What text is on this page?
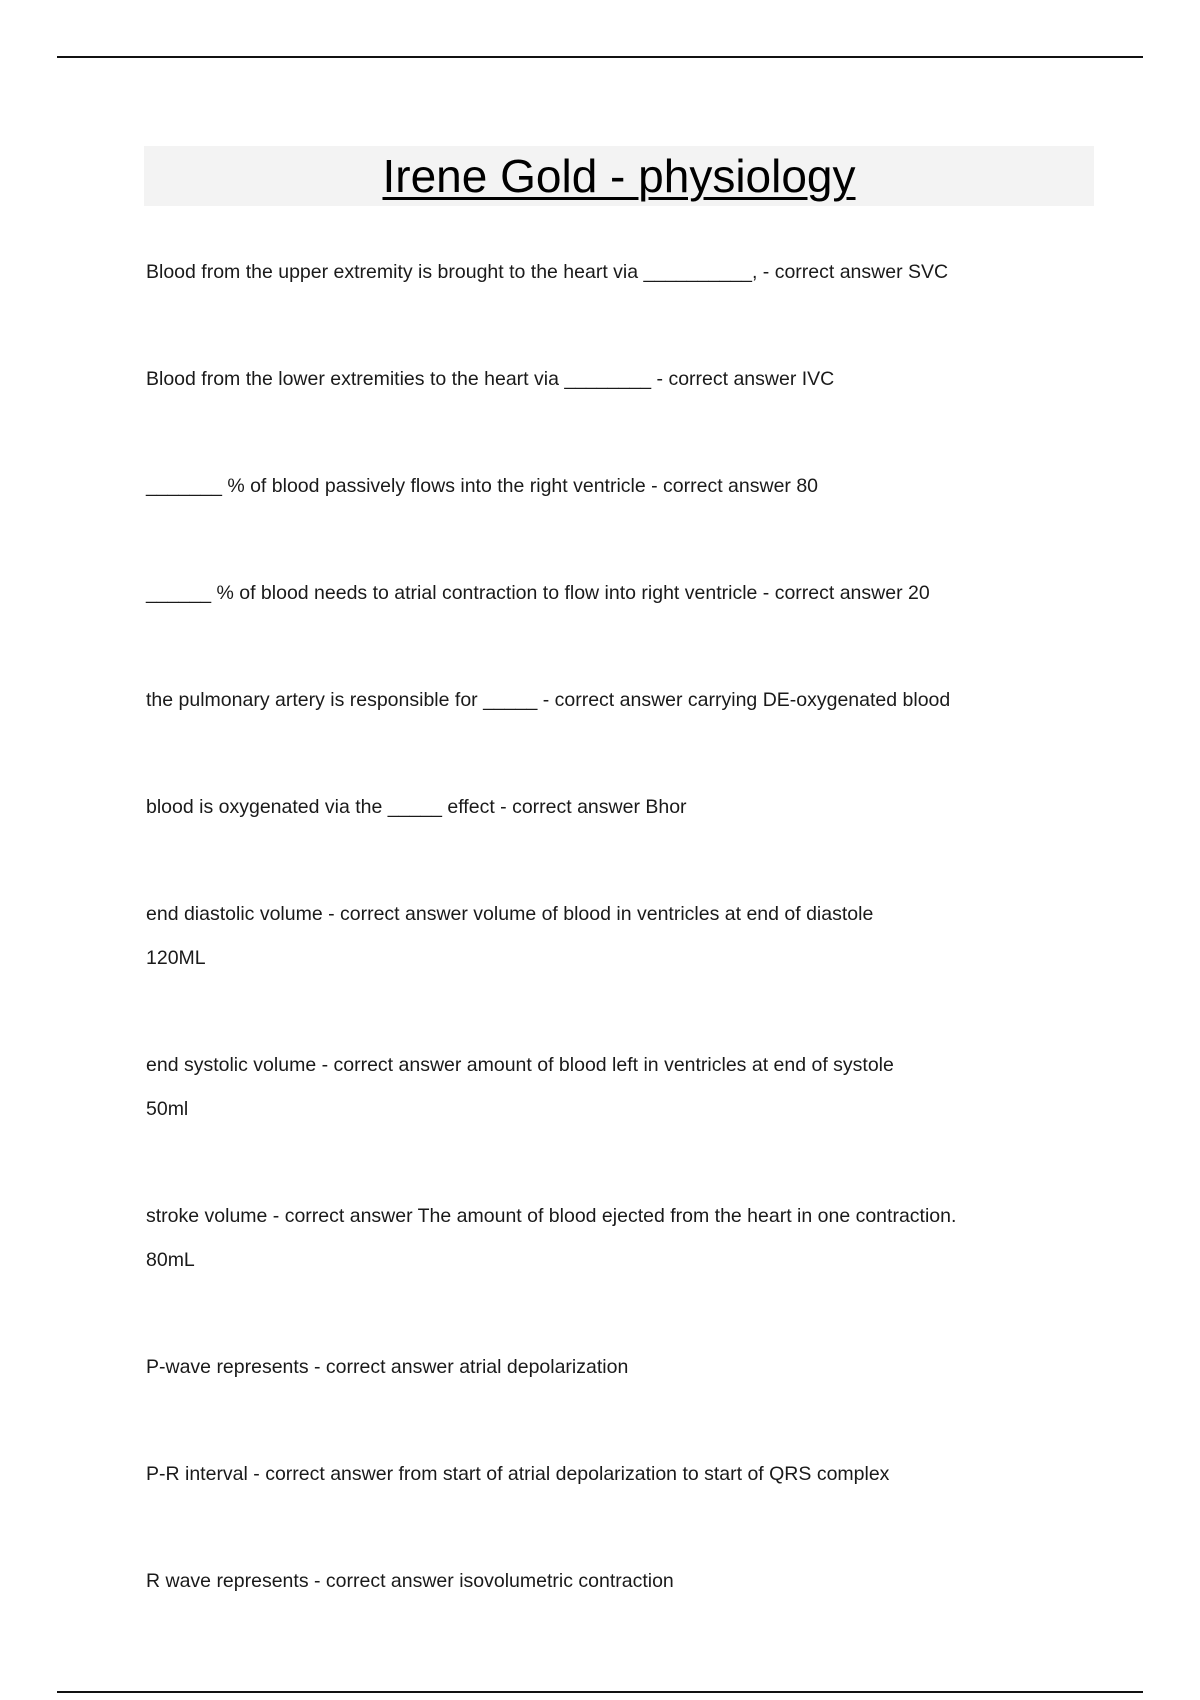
Irene Gold - physiology
Blood from the upper extremity is brought to the heart via __________, - correct answer SVC
Blood from the lower extremities to the heart via ________ - correct answer IVC
_______ % of blood passively flows into the right ventricle - correct answer 80
______ % of blood needs to atrial contraction to flow into right ventricle - correct answer 20
the pulmonary artery is responsible for _____ - correct answer carrying DE-oxygenated blood
blood is oxygenated via the _____ effect - correct answer Bhor
end diastolic volume - correct answer volume of blood in ventricles at end of diastole
120ML
end systolic volume - correct answer amount of blood left in ventricles at end of systole
50ml
stroke volume - correct answer The amount of blood ejected from the heart in one contraction.
80mL
P-wave represents - correct answer atrial depolarization
P-R interval - correct answer from start of atrial depolarization to start of QRS complex
R wave represents - correct answer isovolumetric contraction
